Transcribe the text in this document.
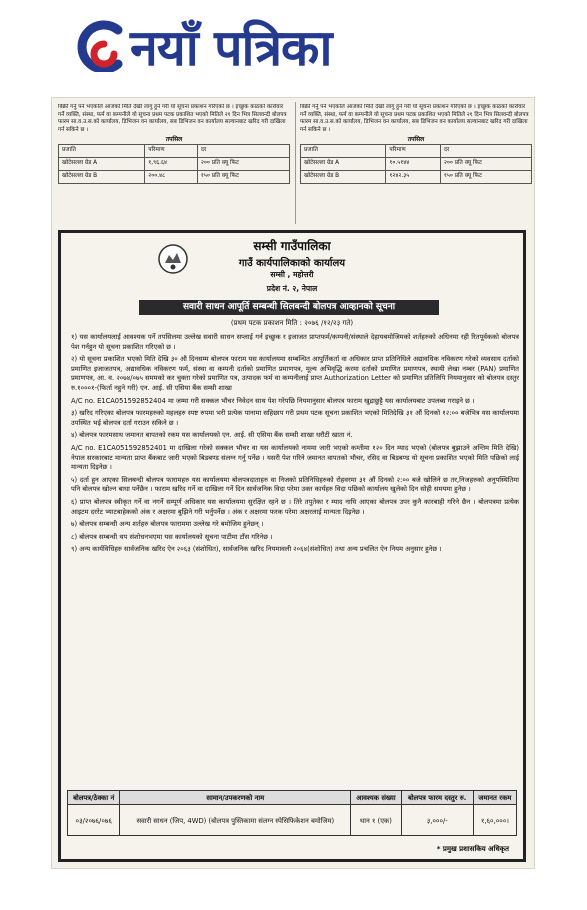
नयाँ पत्रिका

बिक्री गर्नु पर्ने भएकोले आजको मिति देखी लागु हुने गरी यो सूचना प्रकाशन गरिएको छ । इच्छुक काठको कारोवार गर्ने व्यक्ति, संस्था, फर्म वा कम्पनीले यो सूचना प्रथम पटक प्रकाशित भएको मितिले २१ दिन भित्र सिलवन्दी बोलपत्र फारम सा.व.उ.स.को कार्यालय, डिभिजन वन कार्यालय, सब डिभिजन वन कार्यालय सल्यानबाट खरिद गरी दाखिला गर्न सकिने छ ।

तपसिल
प्रजाति	परिमाण	दर
खोटेसल्ला ग्रेड A	१,९६.६४	२०० प्रति क्यू फिट
खोटेसल्ला ग्रेड B	२००.४८	१५० प्रति क्यू फिट

बिक्री गर्नु पर्ने भएकोले आजको मिति देखी लागु हुने गरी यो सूचना प्रकाशन गरिएको छ । इच्छुक काठको कारोवार गर्ने व्यक्ति, संस्था, फर्म वा कम्पनीले यो सूचना प्रथम पटक प्रकाशित भएको मितिले २१ दिन भित्र सिलवन्दी बोलपत्र फारम सा.व.उ.स.को कार्यालय, डिभिजन वन कार्यालय, सब डिभिजन वन कार्यालय सल्यानबाट खरिद गरी दाखिला गर्न सकिने छ ।

तपसिल
प्रजाति	परिमाण	दर
खोटेसल्ला ग्रेड A	१०.५१४४	२०० प्रति क्यू फिट
खोटेसल्ला ग्रेड B	१२४२.३५	१५० प्रति क्यू फिट
सम्सी गाउँपालिका
गाउँ कार्यपालिकाको कार्यालय
सम्सी , महोत्तरी
प्रदेश नं. २, नेपाल
सवारी साधन आपूर्ति सम्बन्धी सिलबन्दी बोलपत्र आव्हानको सूचना
(प्रथम पटक प्रकाशन मिति : २०७६ /१२/२३ गते)

१) यस कार्यालयलाई आवश्यक पर्ने तपसिलमा उल्लेख सवारी साधन सप्लाई गर्न इच्छुक र इजाजत प्राप्तफर्म/कम्पनी/संस्थाले देहायबमोजिमको शर्तहरुको अधिनमा रही रितपूर्वकको बोलपत्र पेश गर्नहुन यो सूचना प्रकाशित गरिएको छ ।

२) यो सूचना प्रकाशित भएको मिति देखि ३० औ दिनसम्म बोलपत्र फाराम यस कार्यालयमा सम्बन्धित आपुर्तिकर्ता वा अधिकार प्राप्त प्रतिनिधिले अद्यावधिक नविकरण गरेको व्यवसाय दर्ताको प्रमाणित इजाजतपत्र, अद्यावधिक नविकरण फर्म, संस्था वा कम्पनी दर्ताको प्रमाणित प्रमाणपत्र, मूल्य अभिवृद्धि करमा दर्ताको प्रमाणित प्रमाणपत्र, स्थायी लेखा नम्बर (PAN) प्रमाणित प्रमाणपत्र, आ. व. २०७४/०७५ सममको कर चुक्ता गरेको प्रमाणित पत्र, उत्पादक फर्म वा कम्पनीलाई प्राप्त Authorization Letter को प्रमाणित प्रतिलिपि नियमानुसार को बोलपत्र दस्तुर रु.१०००१-(फिर्ता नहुने गरी) एन. आई. सी एसिया बैंक सम्सी शाखा

A/C no. E1CA051592852404 मा जम्मा गरी सक्कल भौचर निवेदन साथ पेश गरेपछि नियमानुसार बोलपत्र फाराम खुद्राछुट्टै यस कार्यालयबाट उपलब्ध गराइने छ ।

३) खरिद गरिएका बोलपत्र फारमहरुको महलहरु स्पष्ट रुपमा भरी प्रत्येक पानामा सहिछाप गरी प्रथम पटक सूचना प्रकाशित भएको मितिदेखि ३१ औं दिनको १२:०० बजेभित्र यस कार्यालयमा उपस्थित भई बोलपत्र दर्ता गराउन सकिने छ ।

४) बोलपत्र फारमसाथ जमानत बापतको रकम यस कार्यालयको एन. आई. सी एसिया बैंक सम्सी शाखा धरौटी खाता नं.

A/C no. E1CA051592852401 मा दाखिला गरेको सक्कल भौचर वा यस कार्यालयको नाममा जारी भएको कम्तीमा १२० दिन म्याद भएको (बोलपत्र बुझाउने अन्तिम मिति देखि) नेपाल सरकारबाट मान्यता प्राप्त बैंकबाट जारी भएको बिडबण्ड संलग्न गर्नु पर्नेछ । यसरी पेश गरिने जमानत वापतको भौचर, रसिद वा बिडबण्ड यो सूचना प्रकाशित भएको मिति पछिको लाई मान्यता दिइनेछ ।

५) दर्ता हुन आएका सिलबन्दी बोलपत्र फारामहरु यस कार्यालयमा बोलपत्रदाताहरु वा निजको प्रतिनिधिहरुको रोहवरमा ३१ औं दिनको २:०० बजे खोलिने छ तर,निजहरुको अनुपस्थितिमा पनि बोलपत्र खोल्न बाधा पर्नेछैन । फाराम खरिद गर्ने वा दाखिला गर्ने दिन सार्वजनिक विदा परेमा उक्त कार्यहरु विदा पछिको कार्यालय खुलेको दिन सोही समयमा हुनेछ ।

६) प्राप्त बोलपत्र स्वीकृत गर्ने वा नगर्ने सम्पूर्ण अधिकार यस कार्यालयमा सुरक्षित रहने छ । तिरे तपुतेका र म्याद नाघि आएका बोलपत्र उपर कुनै कारबाही गरिने छैन । बोलपत्रमा प्रत्येक आइटम दररेट भ्याटबाहेकको अंक र अक्षरमा बुझिने गरी भर्नुपर्नेछ । अंक र अक्षरमा फरक परेमा अक्षरलाई मान्यता दिइनेछ ।

७) बोलपत्र सम्बन्धी अन्य शर्तहरु बोलपत्र फाराममा उल्लेख गरे बमोजिम हुनेछन् ।

८) बोलपत्र सम्बन्धी थप संशोधनभएमा यस कार्यालयको सूचना पाटीमा टाँस गरिनेछ ।

९) अन्य कार्यविधिहरु सार्वजनिक खरिद ऐन २०६३ (संशोधित), सार्वजनिक खरिद नियमावली २०६४(संशोधित) तथा अन्य प्रचलित ऐन नियम अनुसार हुनेछ ।

बोलपत्र/ठेक्का नं	सामान/उपकरणको नाम	आवश्यक संख्या	बोलपत्र फारम दस्तुर रु.	जमानत रकम
०३/२०७६/०७६	सवारी साधन (जिप, 4WD) (बोलपत्र पुस्तिकामा संलग्न स्पेसिफिकेशन बमोजिम)	थान १ (एक)	३,०००/-	१,६०,०००।
* प्रमुख प्रशासकिय अधिकृत
